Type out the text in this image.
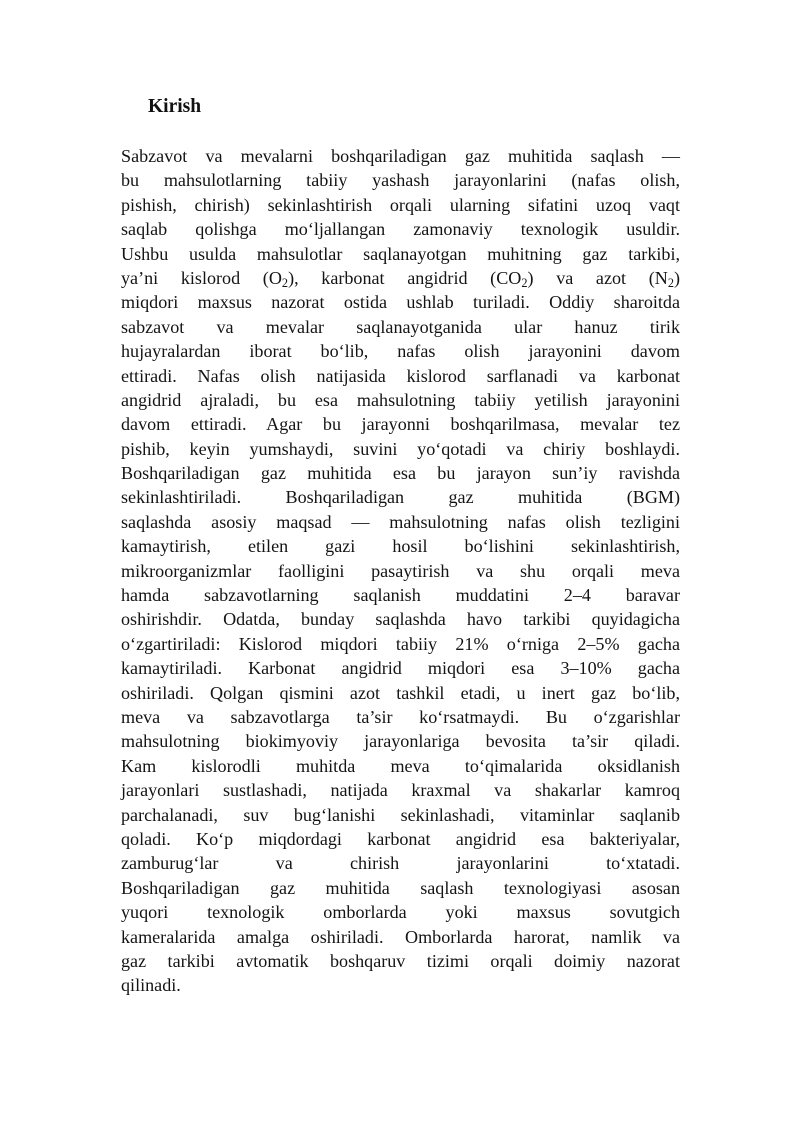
Kirish
Sabzavot va mevalarni boshqariladigan gaz muhitida saqlash —
bu mahsulotlarning tabiiy yashash jarayonlarini (nafas olish,
pishish, chirish) sekinlashtirish orqali ularning sifatini uzoq vaqt
saqlab qolishga mo‘ljallangan zamonaviy texnologik usuldir.
Ushbu usulda mahsulotlar saqlanayotgan muhitning gaz tarkibi,
ya’ni kislorod $(O_2)$, karbonat angidrid $(CO_2)$ va azot $(N_2)$
miqdori maxsus nazorat ostida ushlab turiladi. Oddiy sharoitda
sabzavot va mevalar saqlanayotganida ular hanuz tirik
hujayralardan iborat bo‘lib, nafas olish jarayonini davom
ettiradi. Nafas olish natijasida kislorod sarflanadi va karbonat
angidrid ajraladi, bu esa mahsulotning tabiiy yetilish jarayonini
davom ettiradi. Agar bu jarayonni boshqarilmasa, mevalar tez
pishib, keyin yumshaydi, suvini yo‘qotadi va chiriy boshlaydi.
Boshqariladigan gaz muhitida esa bu jarayon sun’iy ravishda
sekinlashtiriladi. Boshqariladigan gaz muhitida (BGM)
saqlashda asosiy maqsad — mahsulotning nafas olish tezligini
kamaytirish, etilen gazi hosil bo‘lishini sekinlashtirish,
mikroorganizmlar faolligini pasaytirish va shu orqali meva
hamda sabzavotlarning saqlanish muddatini 2–4 baravar
oshirishdir. Odatda, bunday saqlashda havo tarkibi quyidagicha
o‘zgartiriladi: Kislorod miqdori tabiiy 21% o‘rniga 2–5% gacha
kamaytiriladi. Karbonat angidrid miqdori esa 3–10% gacha
oshiriladi. Qolgan qismini azot tashkil etadi, u inert gaz bo‘lib,
meva va sabzavotlarga ta’sir ko‘rsatmaydi. Bu o‘zgarishlar
mahsulotning biokimyoviy jarayonlariga bevosita ta’sir qiladi.
Kam kislorodli muhitda meva to‘qimalarida oksidlanish
jarayonlari sustlashadi, natijada kraxmal va shakarlar kamroq
parchalanadi, suv bug‘lanishi sekinlashadi, vitaminlar saqlanib
qoladi. Ko‘p miqdordagi karbonat angidrid esa bakteriyalar,
zamburug‘lar va chirish jarayonlarini to‘xtatadi.
Boshqariladigan gaz muhitida saqlash texnologiyasi asosan
yuqori texnologik omborlarda yoki maxsus sovutgich
kameralarida amalga oshiriladi. Omborlarda harorat, namlik va
gaz tarkibi avtomatik boshqaruv tizimi orqali doimiy nazorat
qilinadi.
